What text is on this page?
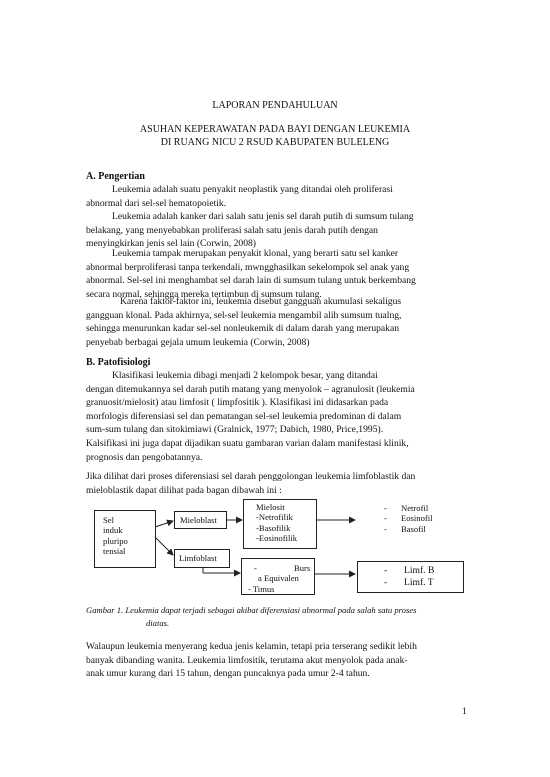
LAPORAN PENDAHULUAN
ASUHAN KEPERAWATAN PADA BAYI DENGAN LEUKEMIA
DI RUANG NICU 2 RSUD KABUPATEN BULELENG
A. Pengertian
Leukemia adalah suatu penyakit neoplastik yang ditandai oleh proliferasi
abnormal dari sel-sel hematopoietik.
Leukemia adalah kanker dari salah satu jenis sel darah putih di sumsum tulang
belakang, yang menyebabkan proliferasi salah satu jenis darah putih dengan
menyingkirkan jenis sel lain (Corwin, 2008)
Leukemia tampak merupakan penyakit klonal, yang berarti satu sel kanker
abnormal berproliferasi tanpa terkendali, mwngghasilkan sekelompok sel anak yang
abnormal. Sel-sel ini menghambat sel darah lain di sumsum tulang untuk berkembang
secara normal, sehingga mereka tertimbun di sumsum tulang.
Karena faktor-faktor ini, leukemia disebut gangguan akumulasi sekaligus
gangguan klonal. Pada akhirnya, sel-sel leukemia mengambil alih sumsum tualng,
sehingga menurunkan kadar sel-sel nonleukemik di dalam darah yang merupakan
penyebab berbagai gejala umum leukemia (Corwin, 2008)
B. Patofisiologi
Klasifikasi leukemia dibagi menjadi 2 kelompok besar, yang ditandai
dengan ditemukannya sel darah putih matang yang menyolok – agranulosit (leukemia
granuosit/mielosit) atau limfosit ( limpfositik ). Klasifikasi ini didasarkan pada
morfologis diferensiasi sel dan pematangan sel-sel leukemia predominan di dalam
sum-sum tulang dan sitokimiawi (Gralnick, 1977; Dabich, 1980, Price,1995).
Kalsifikasi ini juga dapat dijadikan suatu gambaran varian dalam manifestasi klinik,
prognosis dan pengobatannya.
Jika dilihat dari proses diferensiasi sel darah penggolongan leukemia limfoblastik dan
mieloblastik dapat dilihat pada bagan dibawah ini :
Sel
induk
pluripo
tensial
Mieloblast
Mielosit
-Netrofilik
-Basofilik
-Eosinofilik
- Netrofil
- Eosinofil
- Basofil
Limfoblast
-	Burs
a Equivalen
- Timus
- Limf. B
- Limf. T
Gambar 1. Leukemia dapat terjadi sebagai akibat diferensiasi abnormal pada salah satu proses
diatas.
Walaupun leukemia menyerang kedua jenis kelamin, tetapi pria terserang sedikit lebih
banyak dibanding wanita. Leukemia limfositik, terutama akut menyolok pada anak-
anak umur kurang dari 15 tahun, dengan puncaknya pada umur 2-4 tahun.
1
